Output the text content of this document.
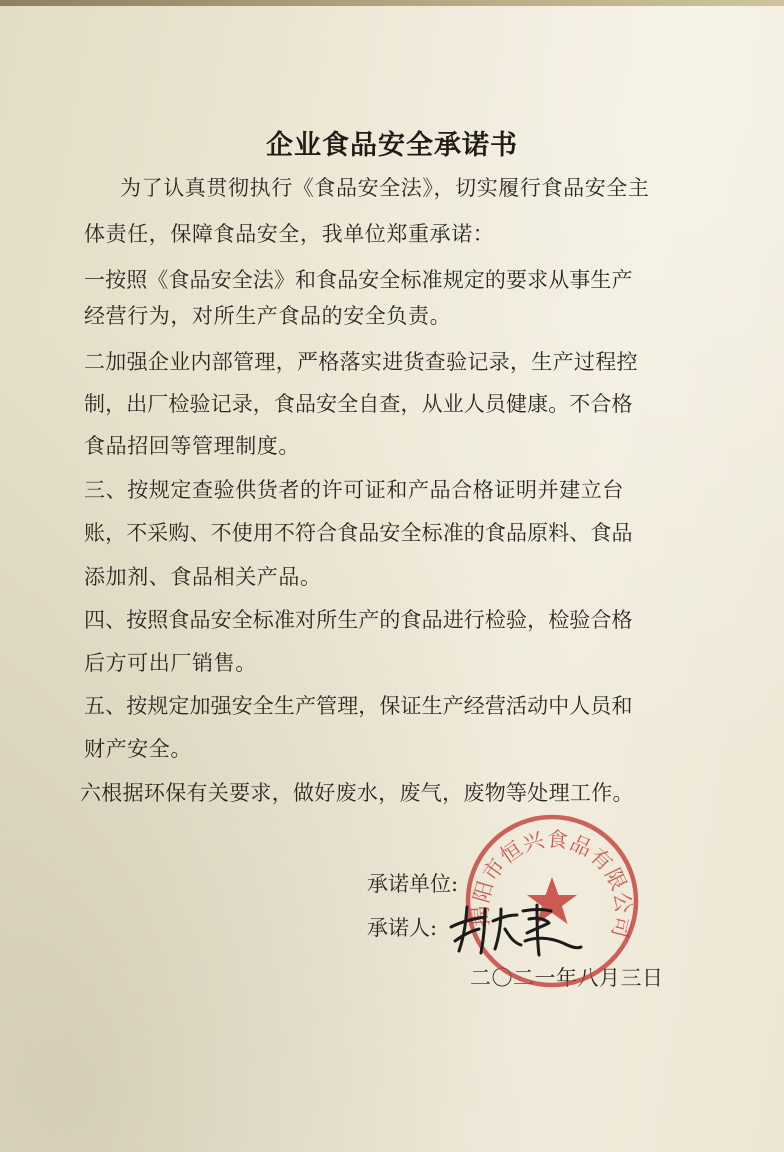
企业食品安全承诺书

为了认真贯彻执行《食品安全法》，切实履行食品安全主

体责任，保障食品安全，我单位郑重承诺：

一按照《食品安全法》和食品安全标准规定的要求从事生产

经营行为，对所生产食品的安全负责。

二加强企业内部管理，严格落实进货查验记录，生产过程控

制，出厂检验记录，食品安全自查，从业人员健康。不合格

食品招回等管理制度。

三、按规定查验供货者的许可证和产品合格证明并建立台

账，不采购、不使用不符合食品安全标准的食品原料、食品

添加剂、食品相关产品。

四、按照食品安全标准对所生产的食品进行检验，检验合格

后方可出厂销售。

五、按规定加强安全生产管理，保证生产经营活动中人员和

财产安全。

六根据环保有关要求，做好废水，废气，废物等处理工作。

承诺单位:

承诺人:

二〇二一年八月三日

揭阳市恒兴食品有限公司
